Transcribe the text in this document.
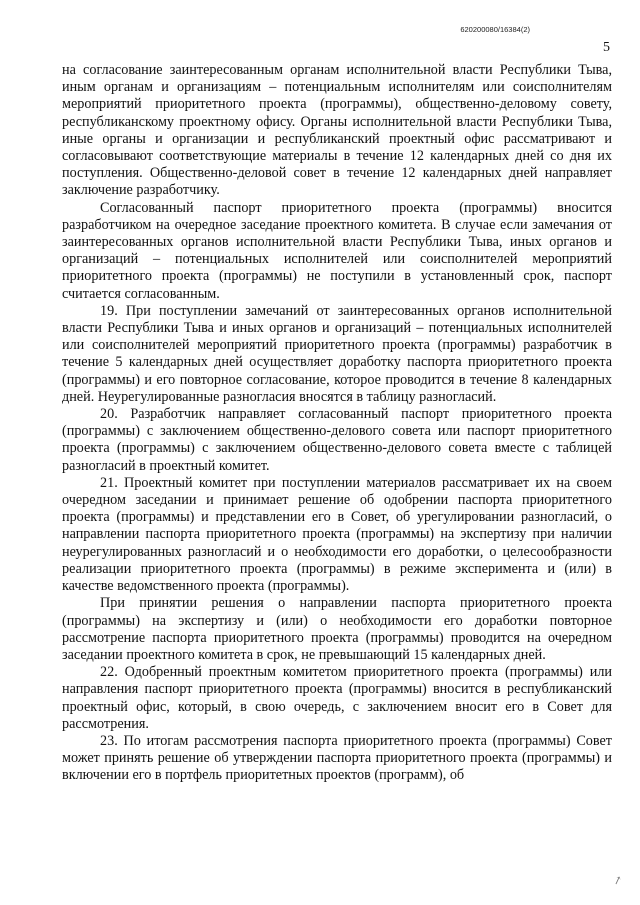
620200080/16384(2)
5

на согласование заинтересованным органам исполнительной власти Республики Тыва, иным органам и организациям – потенциальным исполнителям или соисполнителям мероприятий приоритетного проекта (программы), общественно-деловому совету, республиканскому проектному офису. Органы исполнительной власти Республики Тыва, иные органы и организации и республиканский проектный офис рассматривают и согласовывают соответствующие материалы в течение 12 календарных дней со дня их поступления. Общественно-деловой совет в течение 12 календарных дней направляет заключение разработчику.

Согласованный паспорт приоритетного проекта (программы) вносится разработчиком на очередное заседание проектного комитета. В случае если замечания от заинтересованных органов исполнительной власти Республики Тыва, иных органов и организаций – потенциальных исполнителей или соисполнителей мероприятий приоритетного проекта (программы) не поступили в установленный срок, паспорт считается согласованным.

19. При поступлении замечаний от заинтересованных органов исполнительной власти Республики Тыва и иных органов и организаций – потенциальных исполнителей или соисполнителей мероприятий приоритетного проекта (программы) разработчик в течение 5 календарных дней осуществляет доработку паспорта приоритетного проекта (программы) и его повторное согласование, которое проводится в течение 8 календарных дней. Неурегулированные разногласия вносятся в таблицу разногласий.

20. Разработчик направляет согласованный паспорт приоритетного проекта (программы) с заключением общественно-делового совета или паспорт приоритетного проекта (программы) с заключением общественно-делового совета вместе с таблицей разногласий в проектный комитет.

21. Проектный комитет при поступлении материалов рассматривает их на своем очередном заседании и принимает решение об одобрении паспорта приоритетного проекта (программы) и представлении его в Совет, об урегулировании разногласий, о направлении паспорта приоритетного проекта (программы) на экспертизу при наличии неурегулированных разногласий и о необходимости его доработки, о целесообразности реализации приоритетного проекта (программы) в режиме эксперимента и (или) в качестве ведомственного проекта (программы).

При принятии решения о направлении паспорта приоритетного проекта (программы) на экспертизу и (или) о необходимости его доработки повторное рассмотрение паспорта приоритетного проекта (программы) проводится на очередном заседании проектного комитета в срок, не превышающий 15 календарных дней.

22. Одобренный проектным комитетом приоритетного проекта (программы) или направления паспорт приоритетного проекта (программы) вносится в республиканский проектный офис, который, в свою очередь, с заключением вносит его в Совет для рассмотрения.

23. По итогам рассмотрения паспорта приоритетного проекта (программы) Совет может принять решение об утверждении паспорта приоритетного проекта (программы) и включении его в портфель приоритетных проектов (программ), об

↗
